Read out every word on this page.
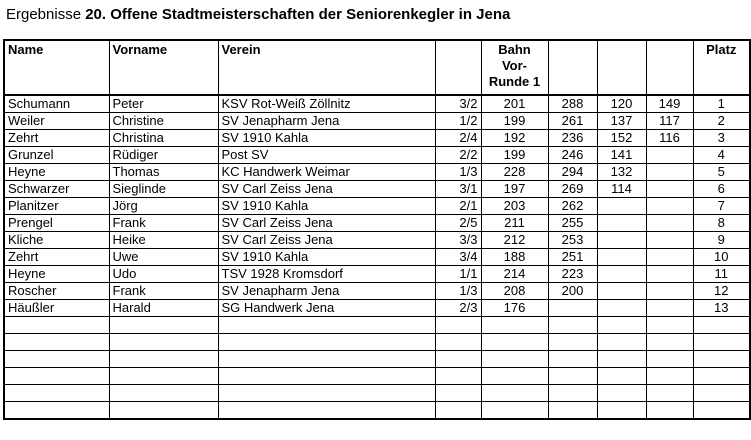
Ergebnisse 20. Offene Stadtmeisterschaften der Seniorenkegler in Jena
Name	Vorname	Verein		Bahn
Vor-
Runde 1				Platz
Schumann	Peter	KSV Rot-Weiß Zöllnitz	3/2	201	288	120	149	1
Weiler	Christine	SV Jenapharm Jena	1/2	199	261	137	117	2
Zehrt	Christina	SV 1910 Kahla	2/4	192	236	152	116	3
Grunzel	Rüdiger	Post SV	2/2	199	246	141		4
Heyne	Thomas	KC Handwerk Weimar	1/3	228	294	132		5
Schwarzer	Sieglinde	SV Carl Zeiss Jena	3/1	197	269	114		6
Planitzer	Jörg	SV 1910 Kahla	2/1	203	262			7
Prengel	Frank	SV Carl Zeiss Jena	2/5	211	255			8
Kliche	Heike	SV Carl Zeiss Jena	3/3	212	253			9
Zehrt	Uwe	SV 1910 Kahla	3/4	188	251			10
Heyne	Udo	TSV 1928 Kromsdorf	1/1	214	223			11
Roscher	Frank	SV Jenapharm Jena	1/3	208	200			12
Häußler	Harald	SG Handwerk Jena	2/3	176				13
